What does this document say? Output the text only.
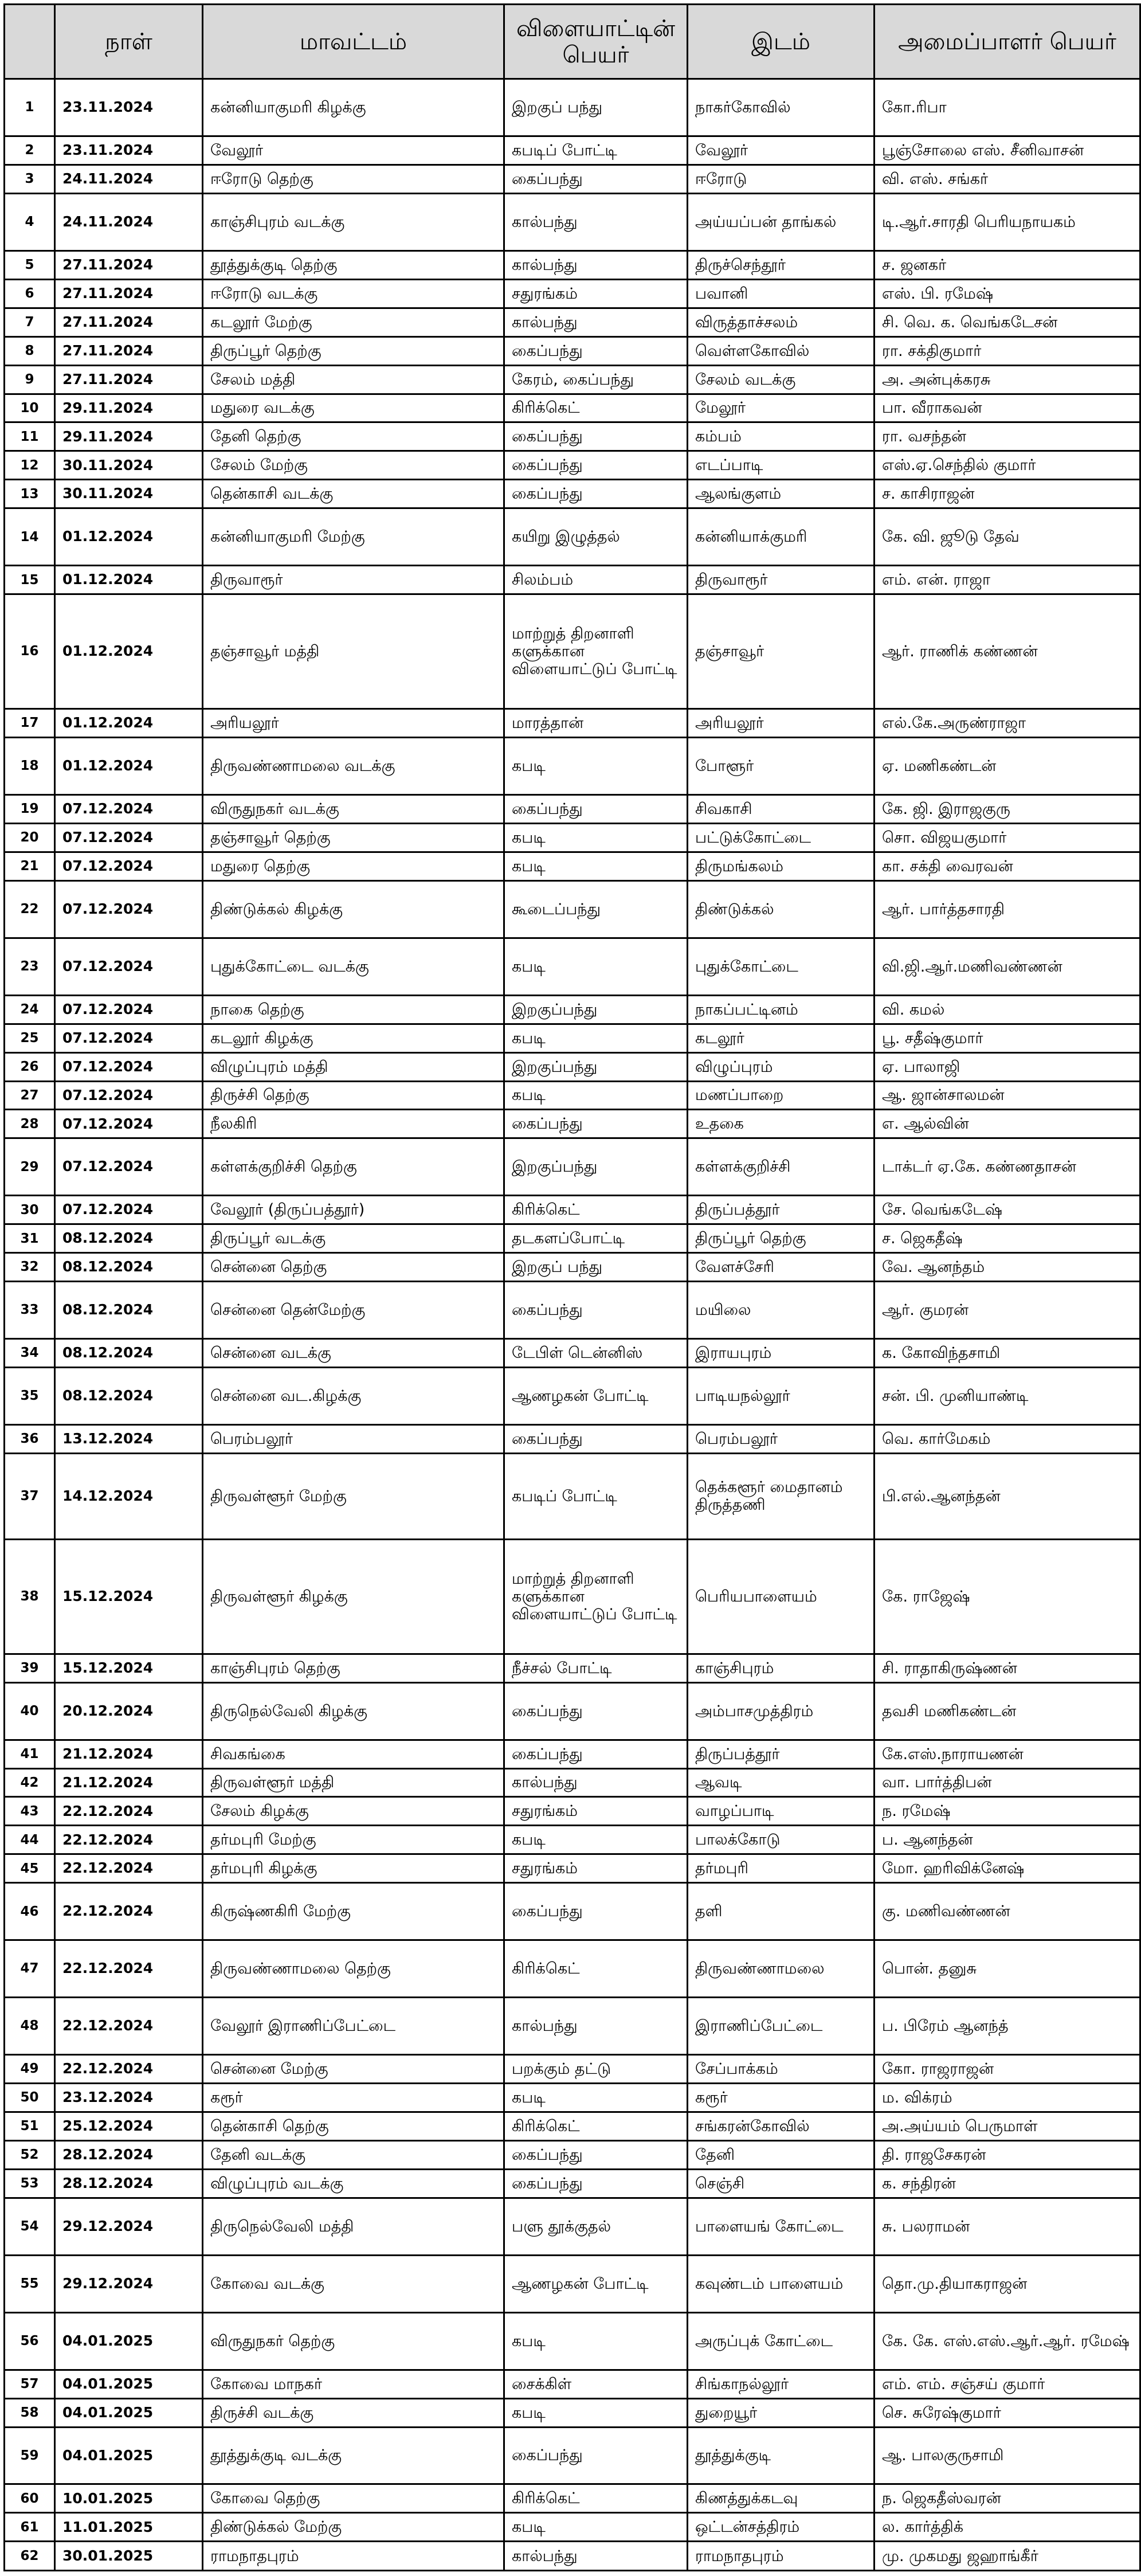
	நாள்	மாவட்டம்	விளையாட்டின் பெயர்	இடம்	அமைப்பாளர் பெயர்
1	23.11.2024	கன்னியாகுமரி கிழக்கு	இறகுப் பந்து	நாகர்கோவில்	கோ.ரிபா
2	23.11.2024	வேலூர்	கபடிப் போட்டி	வேலூர்	பூஞ்சோலை எஸ். சீனிவாசன்
3	24.11.2024	ஈரோடு தெற்கு	கைப்பந்து	ஈரோடு	வி. எஸ். சங்கர்
4	24.11.2024	காஞ்சிபுரம் வடக்கு	கால்பந்து	அய்யப்பன் தாங்கல்	டி.ஆர்.சாரதி பெரியநாயகம்
5	27.11.2024	தூத்துக்குடி தெற்கு	கால்பந்து	திருச்செந்தூர்	ச. ஜனகர்
6	27.11.2024	ஈரோடு வடக்கு	சதுரங்கம்	பவானி	எஸ். பி. ரமேஷ்
7	27.11.2024	கடலூர் மேற்கு	கால்பந்து	விருத்தாச்சலம்	சி. வெ. க. வெங்கடேசன்
8	27.11.2024	திருப்பூர் தெற்கு	கைப்பந்து	வெள்ளகோவில்	ரா. சக்திகுமார்
9	27.11.2024	சேலம் மத்தி	கேரம், கைப்பந்து	சேலம் வடக்கு	அ. அன்புக்கரசு
10	29.11.2024	மதுரை வடக்கு	கிரிக்கெட்	மேலூர்	பா. வீராகவன்
11	29.11.2024	தேனி தெற்கு	கைப்பந்து	கம்பம்	ரா. வசந்தன்
12	30.11.2024	சேலம் மேற்கு	கைப்பந்து	எடப்பாடி	எஸ்.ஏ.செந்தில் குமார்
13	30.11.2024	தென்காசி வடக்கு	கைப்பந்து	ஆலங்குளம்	ச. காசிராஜன்
14	01.12.2024	கன்னியாகுமரி மேற்கு	கயிறு இழுத்தல்	கன்னியாக்குமரி	கே. வி. ஜூடு தேவ்
15	01.12.2024	திருவாரூர்	சிலம்பம்	திருவாரூர்	எம். என். ராஜா
16	01.12.2024	தஞ்சாவூர் மத்தி	மாற்றுத் திறனாளி களுக்கான விளையாட்டுப் போட்டி	தஞ்சாவூர்	ஆர். ராணிக் கண்ணன்
17	01.12.2024	அரியலூர்	மாரத்தான்	அரியலூர்	எல்.கே.அருண்ராஜா
18	01.12.2024	திருவண்ணாமலை வடக்கு	கபடி	போளூர்	ஏ. மணிகண்டன்
19	07.12.2024	விருதுநகர் வடக்கு	கைப்பந்து	சிவகாசி	கே. ஜி. இராஜகுரு
20	07.12.2024	தஞ்சாவூர் தெற்கு	கபடி	பட்டுக்கோட்டை	சொ. விஜயகுமார்
21	07.12.2024	மதுரை தெற்கு	கபடி	திருமங்கலம்	கா. சக்தி வைரவன்
22	07.12.2024	திண்டுக்கல் கிழக்கு	கூடைப்பந்து	திண்டுக்கல்	ஆர். பார்த்தசாரதி
23	07.12.2024	புதுக்கோட்டை வடக்கு	கபடி	புதுக்கோட்டை	வி.ஜி.ஆர்.மணிவண்ணன்
24	07.12.2024	நாகை தெற்கு	இறகுப்பந்து	நாகப்பட்டினம்	வி. கமல்
25	07.12.2024	கடலூர் கிழக்கு	கபடி	கடலூர்	பூ. சதீஷ்குமார்
26	07.12.2024	விழுப்புரம் மத்தி	இறகுப்பந்து	விழுப்புரம்	ஏ. பாலாஜி
27	07.12.2024	திருச்சி தெற்கு	கபடி	மணப்பாறை	ஆ. ஜான்சாலமன்
28	07.12.2024	நீலகிரி	கைப்பந்து	உதகை	எ. ஆல்வின்
29	07.12.2024	கள்ளக்குறிச்சி தெற்கு	இறகுப்பந்து	கள்ளக்குறிச்சி	டாக்டர் ஏ.கே. கண்ணதாசன்
30	07.12.2024	வேலூர் (திருப்பத்தூர்)	கிரிக்கெட்	திருப்பத்தூர்	சே. வெங்கடேஷ்
31	08.12.2024	திருப்பூர் வடக்கு	தடகளப்போட்டி	திருப்பூர் தெற்கு	ச. ஜெகதீஷ்
32	08.12.2024	சென்னை தெற்கு	இறகுப் பந்து	வேளச்சேரி	வே. ஆனந்தம்
33	08.12.2024	சென்னை தென்மேற்கு	கைப்பந்து	மயிலை	ஆர். குமரன்
34	08.12.2024	சென்னை வடக்கு	டேபிள் டென்னிஸ்	இராயபுரம்	க. கோவிந்தசாமி
35	08.12.2024	சென்னை வட.கிழக்கு	ஆணழகன் போட்டி	பாடியநல்லூர்	சன். பி. முனியாண்டி
36	13.12.2024	பெரம்பலூர்	கைப்பந்து	பெரம்பலூர்	வெ. கார்மேகம்
37	14.12.2024	திருவள்ளூர் மேற்கு	கபடிப் போட்டி	தெக்களூர் மைதானம் திருத்தணி	பி.எல்.ஆனந்தன்
38	15.12.2024	திருவள்ளூர் கிழக்கு	மாற்றுத் திறனாளி களுக்கான விளையாட்டுப் போட்டி	பெரியபாளையம்	கே. ராஜேஷ்
39	15.12.2024	காஞ்சிபுரம் தெற்கு	நீச்சல் போட்டி	காஞ்சிபுரம்	சி. ராதாகிருஷ்ணன்
40	20.12.2024	திருநெல்வேலி கிழக்கு	கைப்பந்து	அம்பாசமுத்திரம்	தவசி மணிகண்டன்
41	21.12.2024	சிவகங்கை	கைப்பந்து	திருப்பத்தூர்	கே.எஸ்.நாராயணன்
42	21.12.2024	திருவள்ளூர் மத்தி	கால்பந்து	ஆவடி	வா. பார்த்திபன்
43	22.12.2024	சேலம் கிழக்கு	சதுரங்கம்	வாழப்பாடி	ந. ரமேஷ்
44	22.12.2024	தர்மபுரி மேற்கு	கபடி	பாலக்கோடு	ப. ஆனந்தன்
45	22.12.2024	தர்மபுரி கிழக்கு	சதுரங்கம்	தர்மபுரி	மோ. ஹரிவிக்னேஷ்
46	22.12.2024	கிருஷ்ணகிரி மேற்கு	கைப்பந்து	தளி	கு. மணிவண்ணன்
47	22.12.2024	திருவண்ணாமலை தெற்கு	கிரிக்கெட்	திருவண்ணாமலை	பொன். தனுசு
48	22.12.2024	வேலூர் இராணிப்பேட்டை	கால்பந்து	இராணிப்பேட்டை	ப. பிரேம் ஆனந்த்
49	22.12.2024	சென்னை மேற்கு	பறக்கும் தட்டு	சேப்பாக்கம்	கோ. ராஜராஜன்
50	23.12.2024	கரூர்	கபடி	கரூர்	ம. விக்ரம்
51	25.12.2024	தென்காசி தெற்கு	கிரிக்கெட்	சங்கரன்கோவில்	அ.அய்யம் பெருமாள்
52	28.12.2024	தேனி வடக்கு	கைப்பந்து	தேனி	தி. ராஜசேகரன்
53	28.12.2024	விழுப்புரம் வடக்கு	கைப்பந்து	செஞ்சி	க. சந்திரன்
54	29.12.2024	திருநெல்வேலி மத்தி	பளு தூக்குதல்	பாளையங் கோட்டை	சு. பலராமன்
55	29.12.2024	கோவை வடக்கு	ஆணழகன் போட்டி	கவுண்டம் பாளையம்	தொ.மு.தியாகராஜன்
56	04.01.2025	விருதுநகர் தெற்கு	கபடி	அருப்புக் கோட்டை	கே. கே. எஸ்.எஸ்.ஆர்.ஆர். ரமேஷ்
57	04.01.2025	கோவை மாநகர்	சைக்கிள்	சிங்காநல்லூர்	எம். எம். சஞ்சய் குமார்
58	04.01.2025	திருச்சி வடக்கு	கபடி	துறையூர்	செ. சுரேஷ்குமார்
59	04.01.2025	தூத்துக்குடி வடக்கு	கைப்பந்து	தூத்துக்குடி	ஆ. பாலகுருசாமி
60	10.01.2025	கோவை தெற்கு	கிரிக்கெட்	கிணத்துக்கடவு	ந. ஜெகதீஸ்வரன்
61	11.01.2025	திண்டுக்கல் மேற்கு	கபடி	ஒட்டன்சத்திரம்	ல. கார்த்திக்
62	30.01.2025	ராமநாதபுரம்	கால்பந்து	ராமநாதபுரம்	மு. முகமது ஜஹாங்கீர்
